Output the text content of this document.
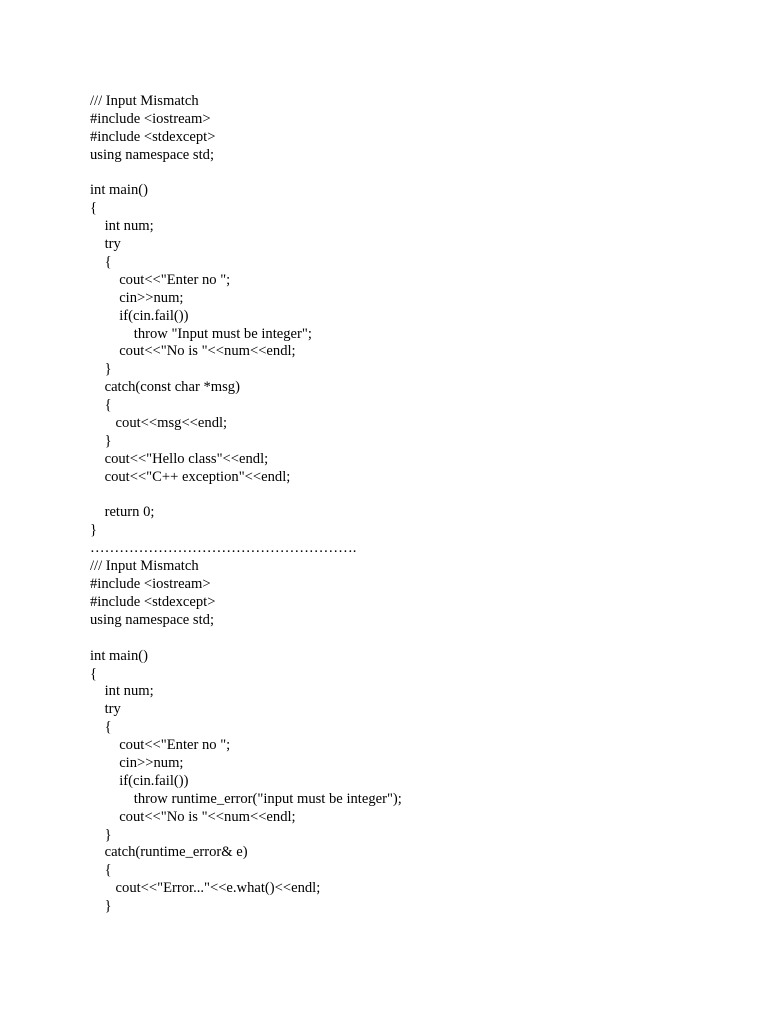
/// Input Mismatch
#include <iostream>
#include <stdexcept>
using namespace std;
int main()
{
int num;
try
{
cout<<"Enter no ";
cin>>num;
if(cin.fail())
throw "Input must be integer";
cout<<"No is "<<num<<endl;
}
catch(const char *msg)
{
cout<<msg<<endl;
}
cout<<"Hello class"<<endl;
cout<<"C++ exception"<<endl;
return 0;
}
……………………………………………….
/// Input Mismatch
#include <iostream>
#include <stdexcept>
using namespace std;
int main()
{
int num;
try
{
cout<<"Enter no ";
cin>>num;
if(cin.fail())
throw runtime_error("input must be integer");
cout<<"No is "<<num<<endl;
}
catch(runtime_error& e)
{
cout<<"Error..."<<e.what()<<endl;
}
